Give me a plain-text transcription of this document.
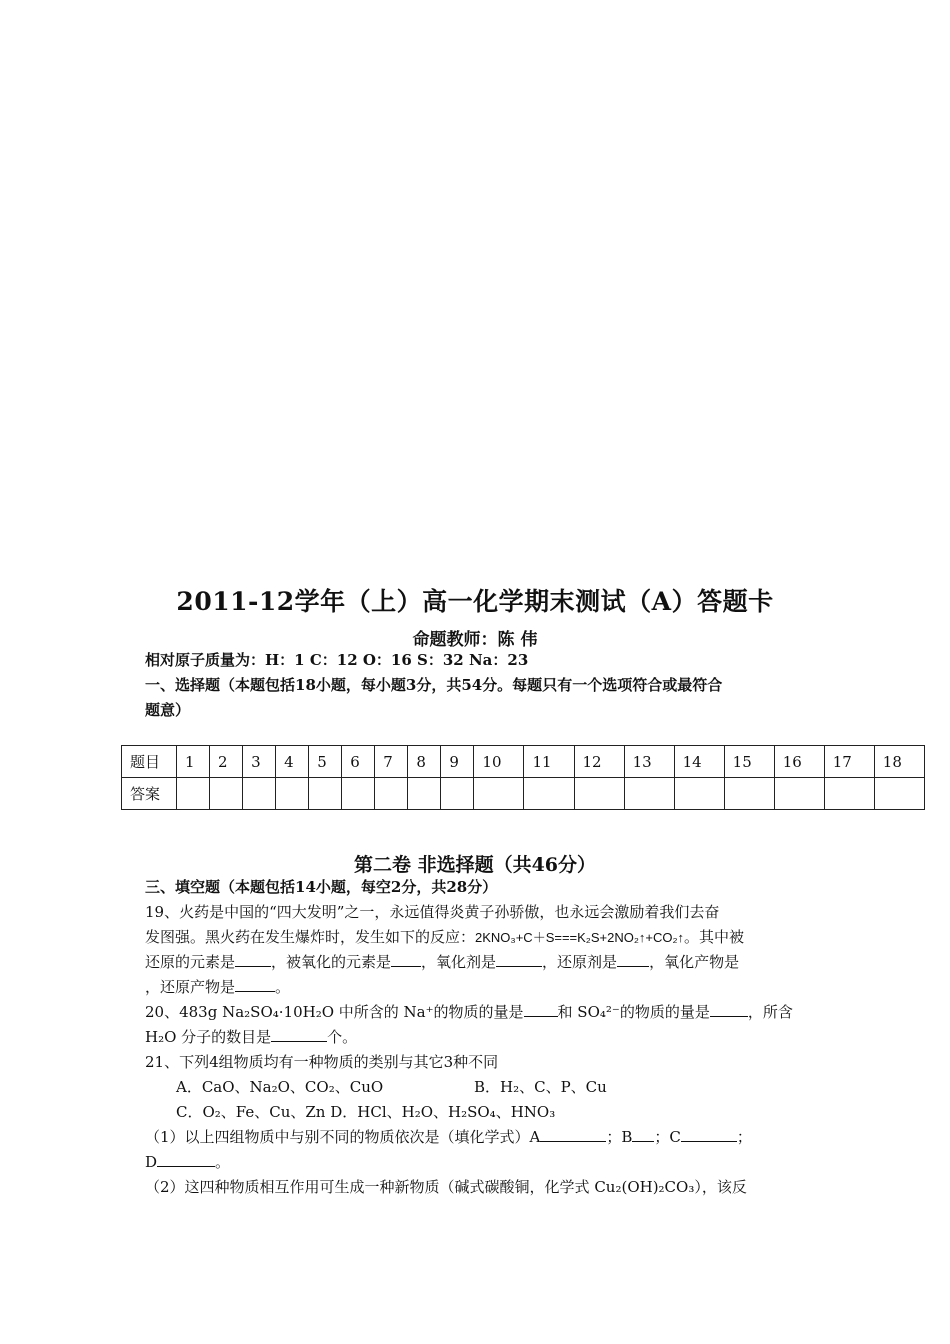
2011-12学年（上）高一化学期末测试（A）答题卡
命题教师：陈 伟
相对原子质量为：H：1 C：12 O：16 S：32 Na：23
一、选择题（本题包括18小题，每小题3分，共54分。每题只有一个选项符合或最符合
题意）
题目	1	2	3	4	5	6	7	8	9	10	11	12	13	14	15	16	17	18
答案																		
第二卷 非选择题（共46分）
三、填空题（本题包括14小题，每空2分，共28分）
19、火药是中国的“四大发明”之一，永远值得炎黄子孙骄傲，也永远会激励着我们去奋
发图强。黑火药在发生爆炸时，发生如下的反应：2KNO₃+C＋S===K₂S+2NO₂↑+CO₂↑。其中被
还原的元素是 ，被氧化的元素是 ，氧化剂是	，还原剂是 ，氧化产物是
，还原产物是	。
20、483g Na₂SO₄·10H₂O 中所含的 Na⁺的物质的量是 和 SO₄²⁻的物质的量是	，所含
H₂O 分子的数目是	个。
21、下列4组物质均有一种物质的类别与其它3种不同
A．CaO、Na₂O、CO₂、CuO	B．H₂、C、P、Cu
C．O₂、Fe、Cu、Zn D．HCl、H₂O、H₂SO₄、HNO₃
（1）以上四组物质中与别不同的物质依次是（填化学式）A	；B ；C	；
D	。
（2）这四种物质相互作用可生成一种新物质（碱式碳酸铜，化学式 Cu₂(OH)₂CO₃），该反
